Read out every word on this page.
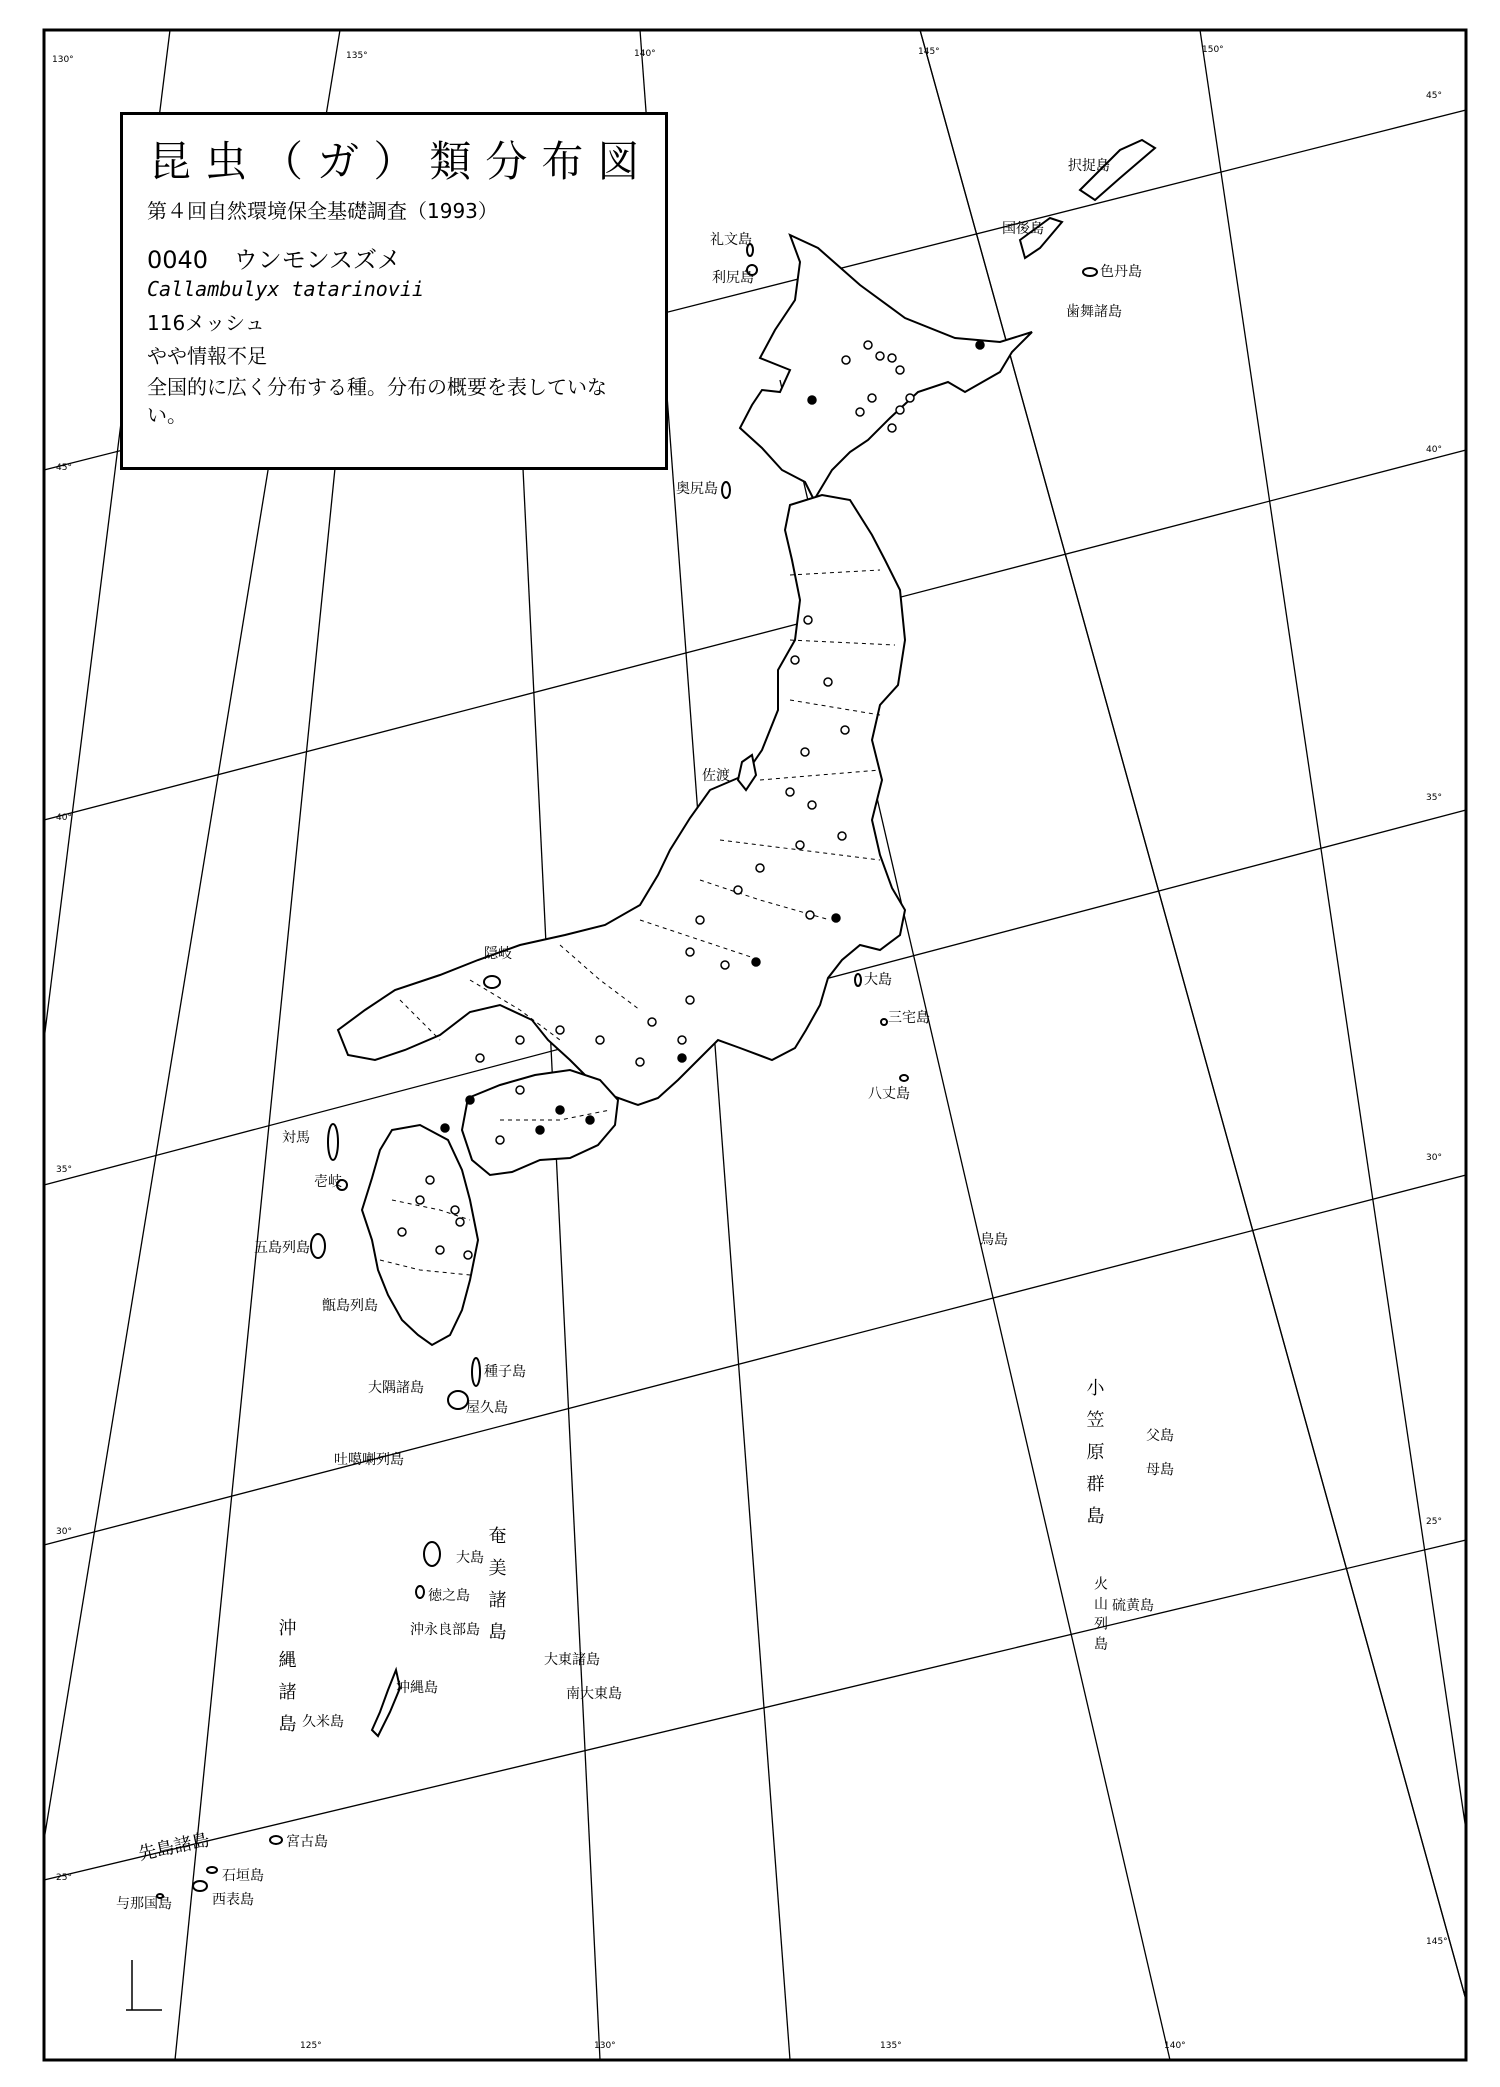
130°	135°	140°	145°	150°
125°	130°	135°	140°
45°
45°
40°
40°
35°
35°
30°
30°
25°
25°
145°
択捉島
国後島
色丹島
歯舞諸島
礼文島
利尻島
奥尻島
佐渡
隠岐
大島
三宅島
八丈島
鳥島
対馬
壱岐
五島列島
甑島列島
種子島
大隅諸島
屋久島
吐噶喇列島
大島
徳之島
沖永良部島
沖縄島
久米島
大東諸島
南大東島
父島
母島
硫黄島
宮古島
石垣島
西表島
与那国島
先島諸島
奄美諸島
沖縄諸島
小笠原群島
火山列島
昆虫（ガ）類分布図
第４回自然環境保全基礎調査（1993）
0040 ウンモンスズメ
Callambulyx tatarinovii
116メッシュ
やや情報不足
全国的に広く分布する種。分布の概要を表していない。
